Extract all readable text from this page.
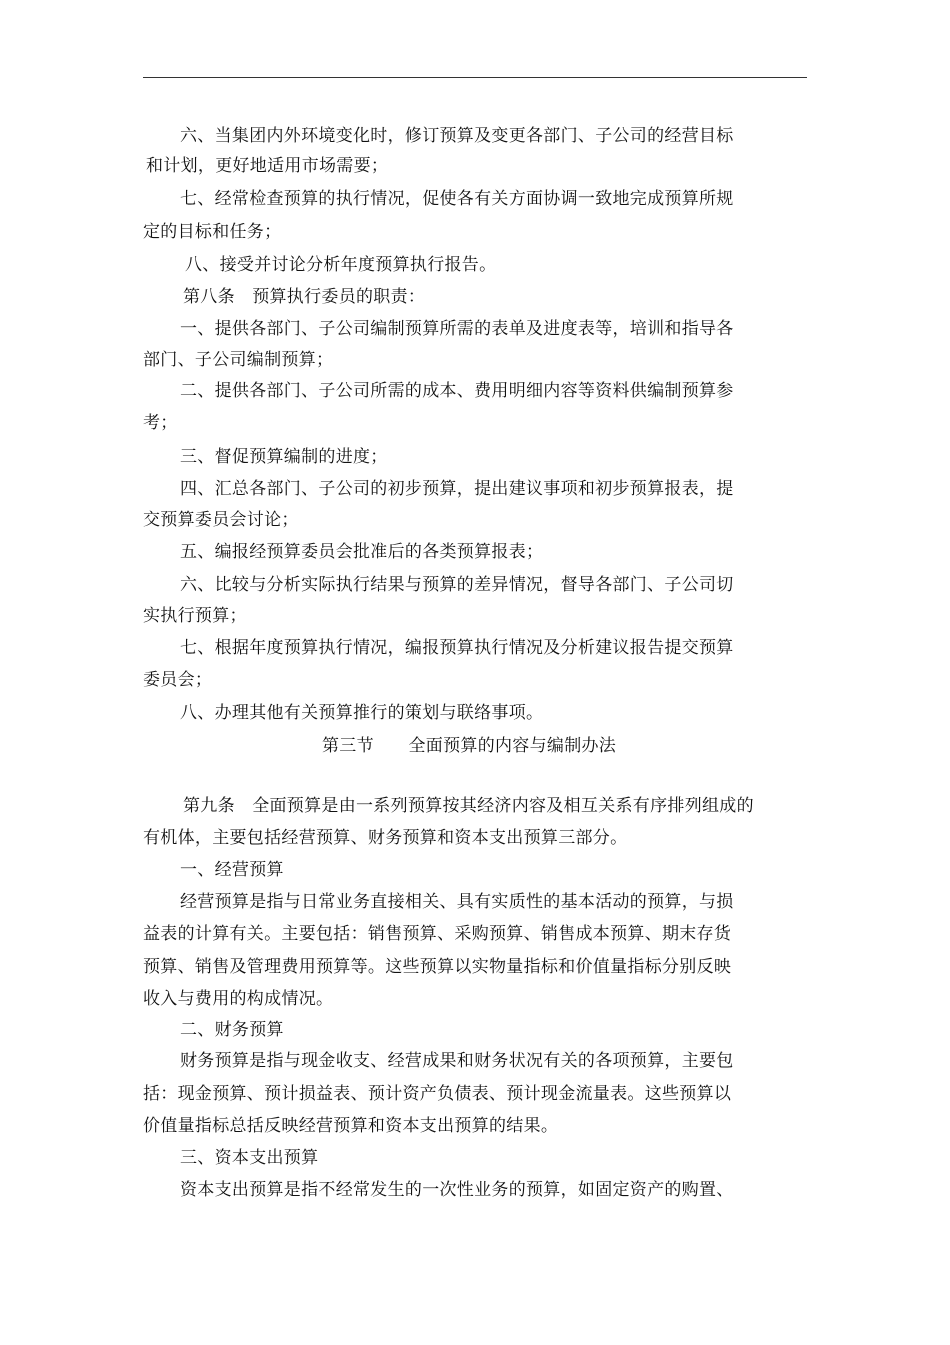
六、当集团内外环境变化时，修订预算及变更各部门、子公司的经营目标
和计划，更好地适用市场需要；
七、经常检查预算的执行情况，促使各有关方面协调一致地完成预算所规
定的目标和任务；
八、接受并讨论分析年度预算执行报告。
第八条　预算执行委员的职责：
一、提供各部门、子公司编制预算所需的表单及进度表等，培训和指导各
部门、子公司编制预算；
二、提供各部门、子公司所需的成本、费用明细内容等资料供编制预算参
考；
三、督促预算编制的进度；
四、汇总各部门、子公司的初步预算，提出建议事项和初步预算报表，提
交预算委员会讨论；
五、编报经预算委员会批准后的各类预算报表；
六、比较与分析实际执行结果与预算的差异情况，督导各部门、子公司切
实执行预算；
七、根据年度预算执行情况，编报预算执行情况及分析建议报告提交预算
委员会；
八、办理其他有关预算推行的策划与联络事项。
第三节　　全面预算的内容与编制办法
第九条　全面预算是由一系列预算按其经济内容及相互关系有序排列组成的
有机体，主要包括经营预算、财务预算和资本支出预算三部分。
一、经营预算
经营预算是指与日常业务直接相关、具有实质性的基本活动的预算，与损
益表的计算有关。主要包括：销售预算、采购预算、销售成本预算、期末存货
预算、销售及管理费用预算等。这些预算以实物量指标和价值量指标分别反映
收入与费用的构成情况。
二、财务预算
财务预算是指与现金收支、经营成果和财务状况有关的各项预算，主要包
括：现金预算、预计损益表、预计资产负债表、预计现金流量表。这些预算以
价值量指标总括反映经营预算和资本支出预算的结果。
三、资本支出预算
资本支出预算是指不经常发生的一次性业务的预算，如固定资产的购置、
